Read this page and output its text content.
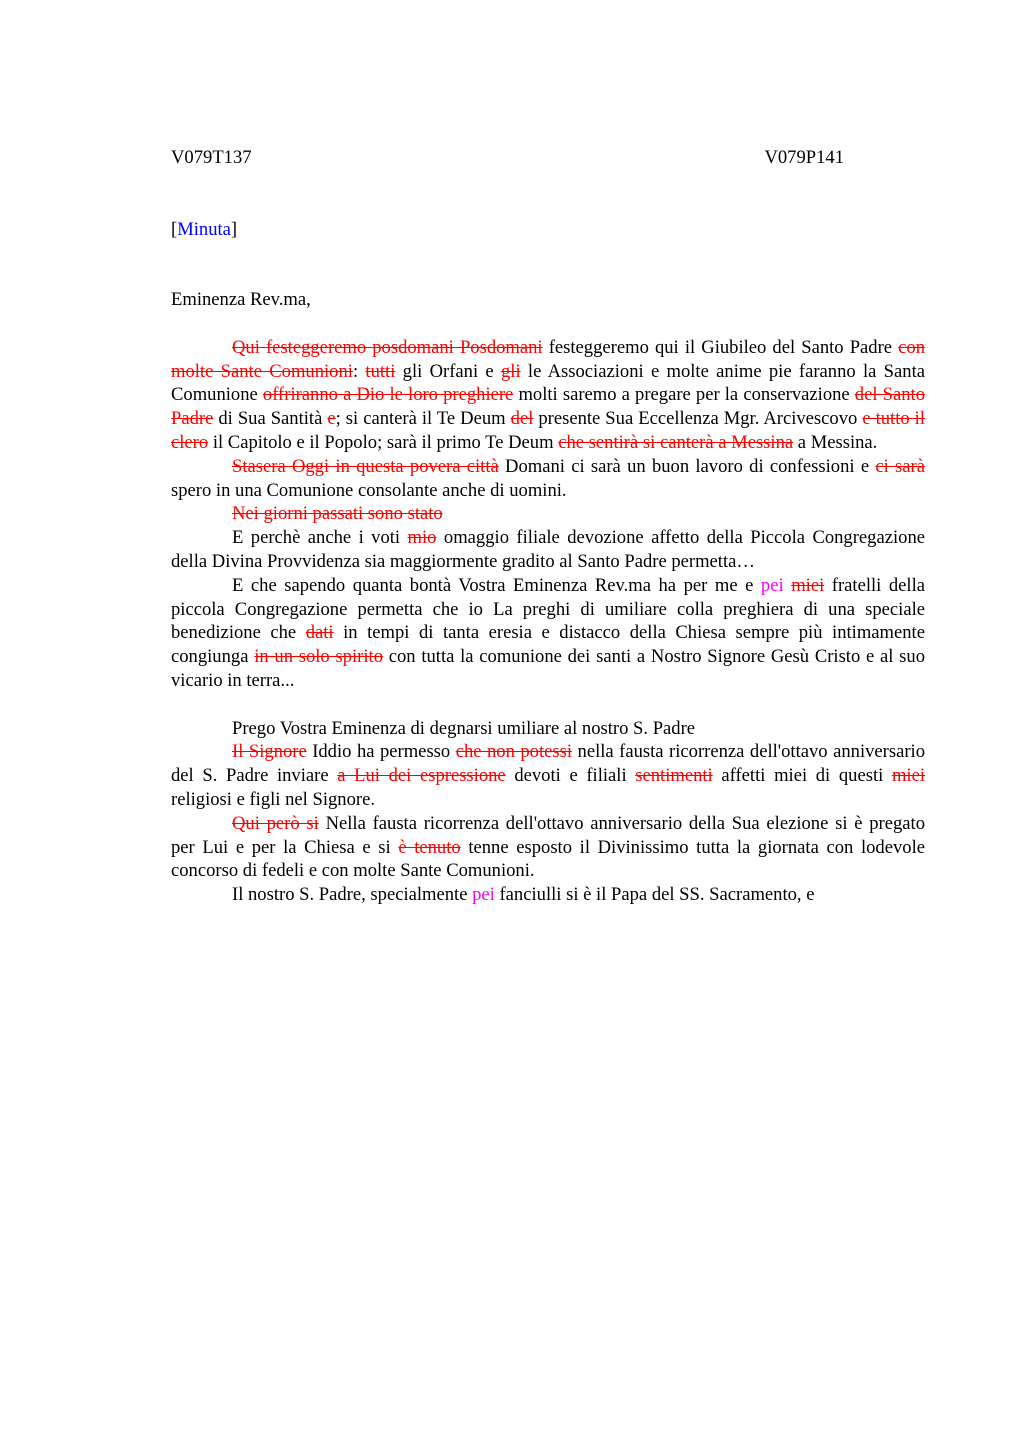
V079T137	V079P141
[Minuta]

Eminenza Rev.ma,

Qui festeggeremo posdomani Posdomani festeggeremo qui il Giubileo del Santo Padre con molte Sante Comunioni: tutti gli Orfani e gli le Associazioni e molte anime pie faranno la Santa Comunione offriranno a Dio le loro preghiere molti saremo a pregare per la conservazione del Santo Padre di Sua Santità e; si canterà il Te Deum del presente Sua Eccellenza Mgr. Arcivescovo e tutto il clero il Capitolo e il Popolo; sarà il primo Te Deum che sentirà si canterà a Messina a Messina.

Stasera Oggi in questa povera città Domani ci sarà un buon lavoro di confessioni e ci sarà spero in una Comunione consolante anche di uomini.

Nei giorni passati sono stato

E perchè anche i voti mio omaggio filiale devozione affetto della Piccola Congregazione della Divina Provvidenza sia maggiormente gradito al Santo Padre permetta…

E che sapendo quanta bontà Vostra Eminenza Rev.ma ha per me e pei miei fratelli della piccola Congregazione permetta che io La preghi di umiliare colla preghiera di una speciale benedizione che dati in tempi di tanta eresia e distacco della Chiesa sempre più intimamente congiunga in un solo spirito con tutta la comunione dei santi a Nostro Signore Gesù Cristo e al suo vicario in terra...

Prego Vostra Eminenza di degnarsi umiliare al nostro S. Padre

Il Signore Iddio ha permesso che non potessi nella fausta ricorrenza dell'ottavo anniversario del S. Padre inviare a Lui dei espressione devoti e filiali sentimenti affetti miei di questi miei religiosi e figli nel Signore.

Qui però si Nella fausta ricorrenza dell'ottavo anniversario della Sua elezione si è pregato per Lui e per la Chiesa e si è tenuto tenne esposto il Divinissimo tutta la giornata con lodevole concorso di fedeli e con molte Sante Comunioni.

Il nostro S. Padre, specialmente pei fanciulli si è il Papa del SS. Sacramento, e
